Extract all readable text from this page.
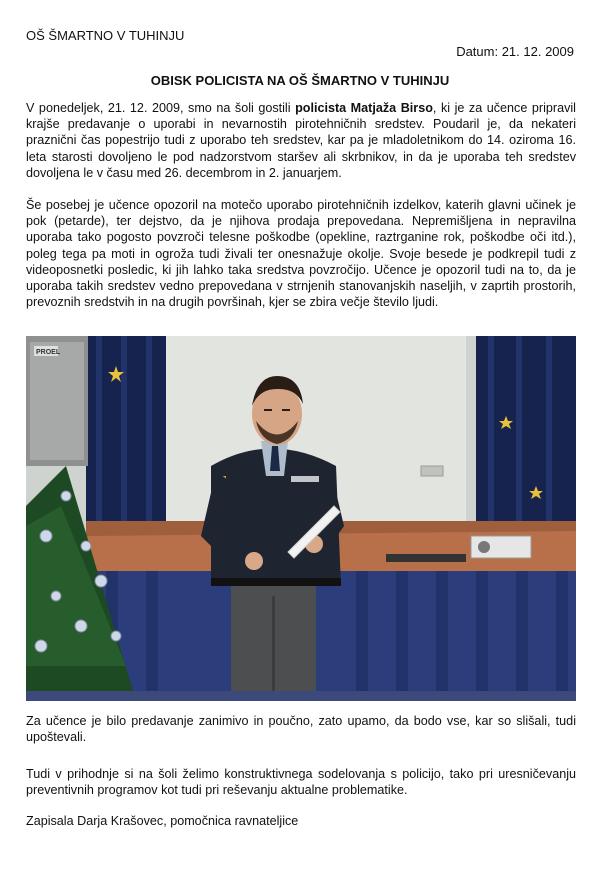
OŠ ŠMARTNO V TUHINJU
Datum: 21. 12. 2009
OBISK POLICISTA NA OŠ ŠMARTNO V TUHINJU
V ponedeljek, 21. 12. 2009, smo na šoli gostili policista Matjaža Birso, ki je za učence pripravil krajše predavanje o uporabi in nevarnostih pirotehničnih sredstev. Poudaril je, da nekateri praznični čas popestrijo tudi z uporabo teh sredstev, kar pa je mladoletnikom do 14. oziroma 16. leta starosti dovoljeno le pod nadzorstvom staršev ali skrbnikov, in da je uporaba teh sredstev dovoljena le v času med 26. decembrom in 2. januarjem.
Še posebej je učence opozoril na motečo uporabo pirotehničnih izdelkov, katerih glavni učinek je pok (petarde), ter dejstvo, da je njihova prodaja prepovedana. Nepremišljena in nepravilna uporaba tako pogosto povzroči telesne poškodbe (opekline, raztrganine rok, poškodbe oči itd.), poleg tega pa moti in ogroža tudi živali ter onesnažuje okolje. Svoje besede je podkrepil tudi z videoposnetki posledic, ki jih lahko taka sredstva povzročijo. Učence je opozoril tudi na to, da je uporaba takih sredstev vedno prepovedana v strnjenih stanovanjskih naseljih, v zaprtih prostorih, prevoznih sredstvih in na drugih površinah, kjer se zbira večje število ljudi.
PROEL
Za učence je bilo predavanje zanimivo in poučno, zato upamo, da bodo vse, kar so slišali, tudi upoštevali.
Tudi v prihodnje si na šoli želimo konstruktivnega sodelovanja s policijo, tako pri uresničevanju preventivnih programov kot tudi pri reševanju aktualne problematike.
Zapisala Darja Krašovec, pomočnica ravnateljice
